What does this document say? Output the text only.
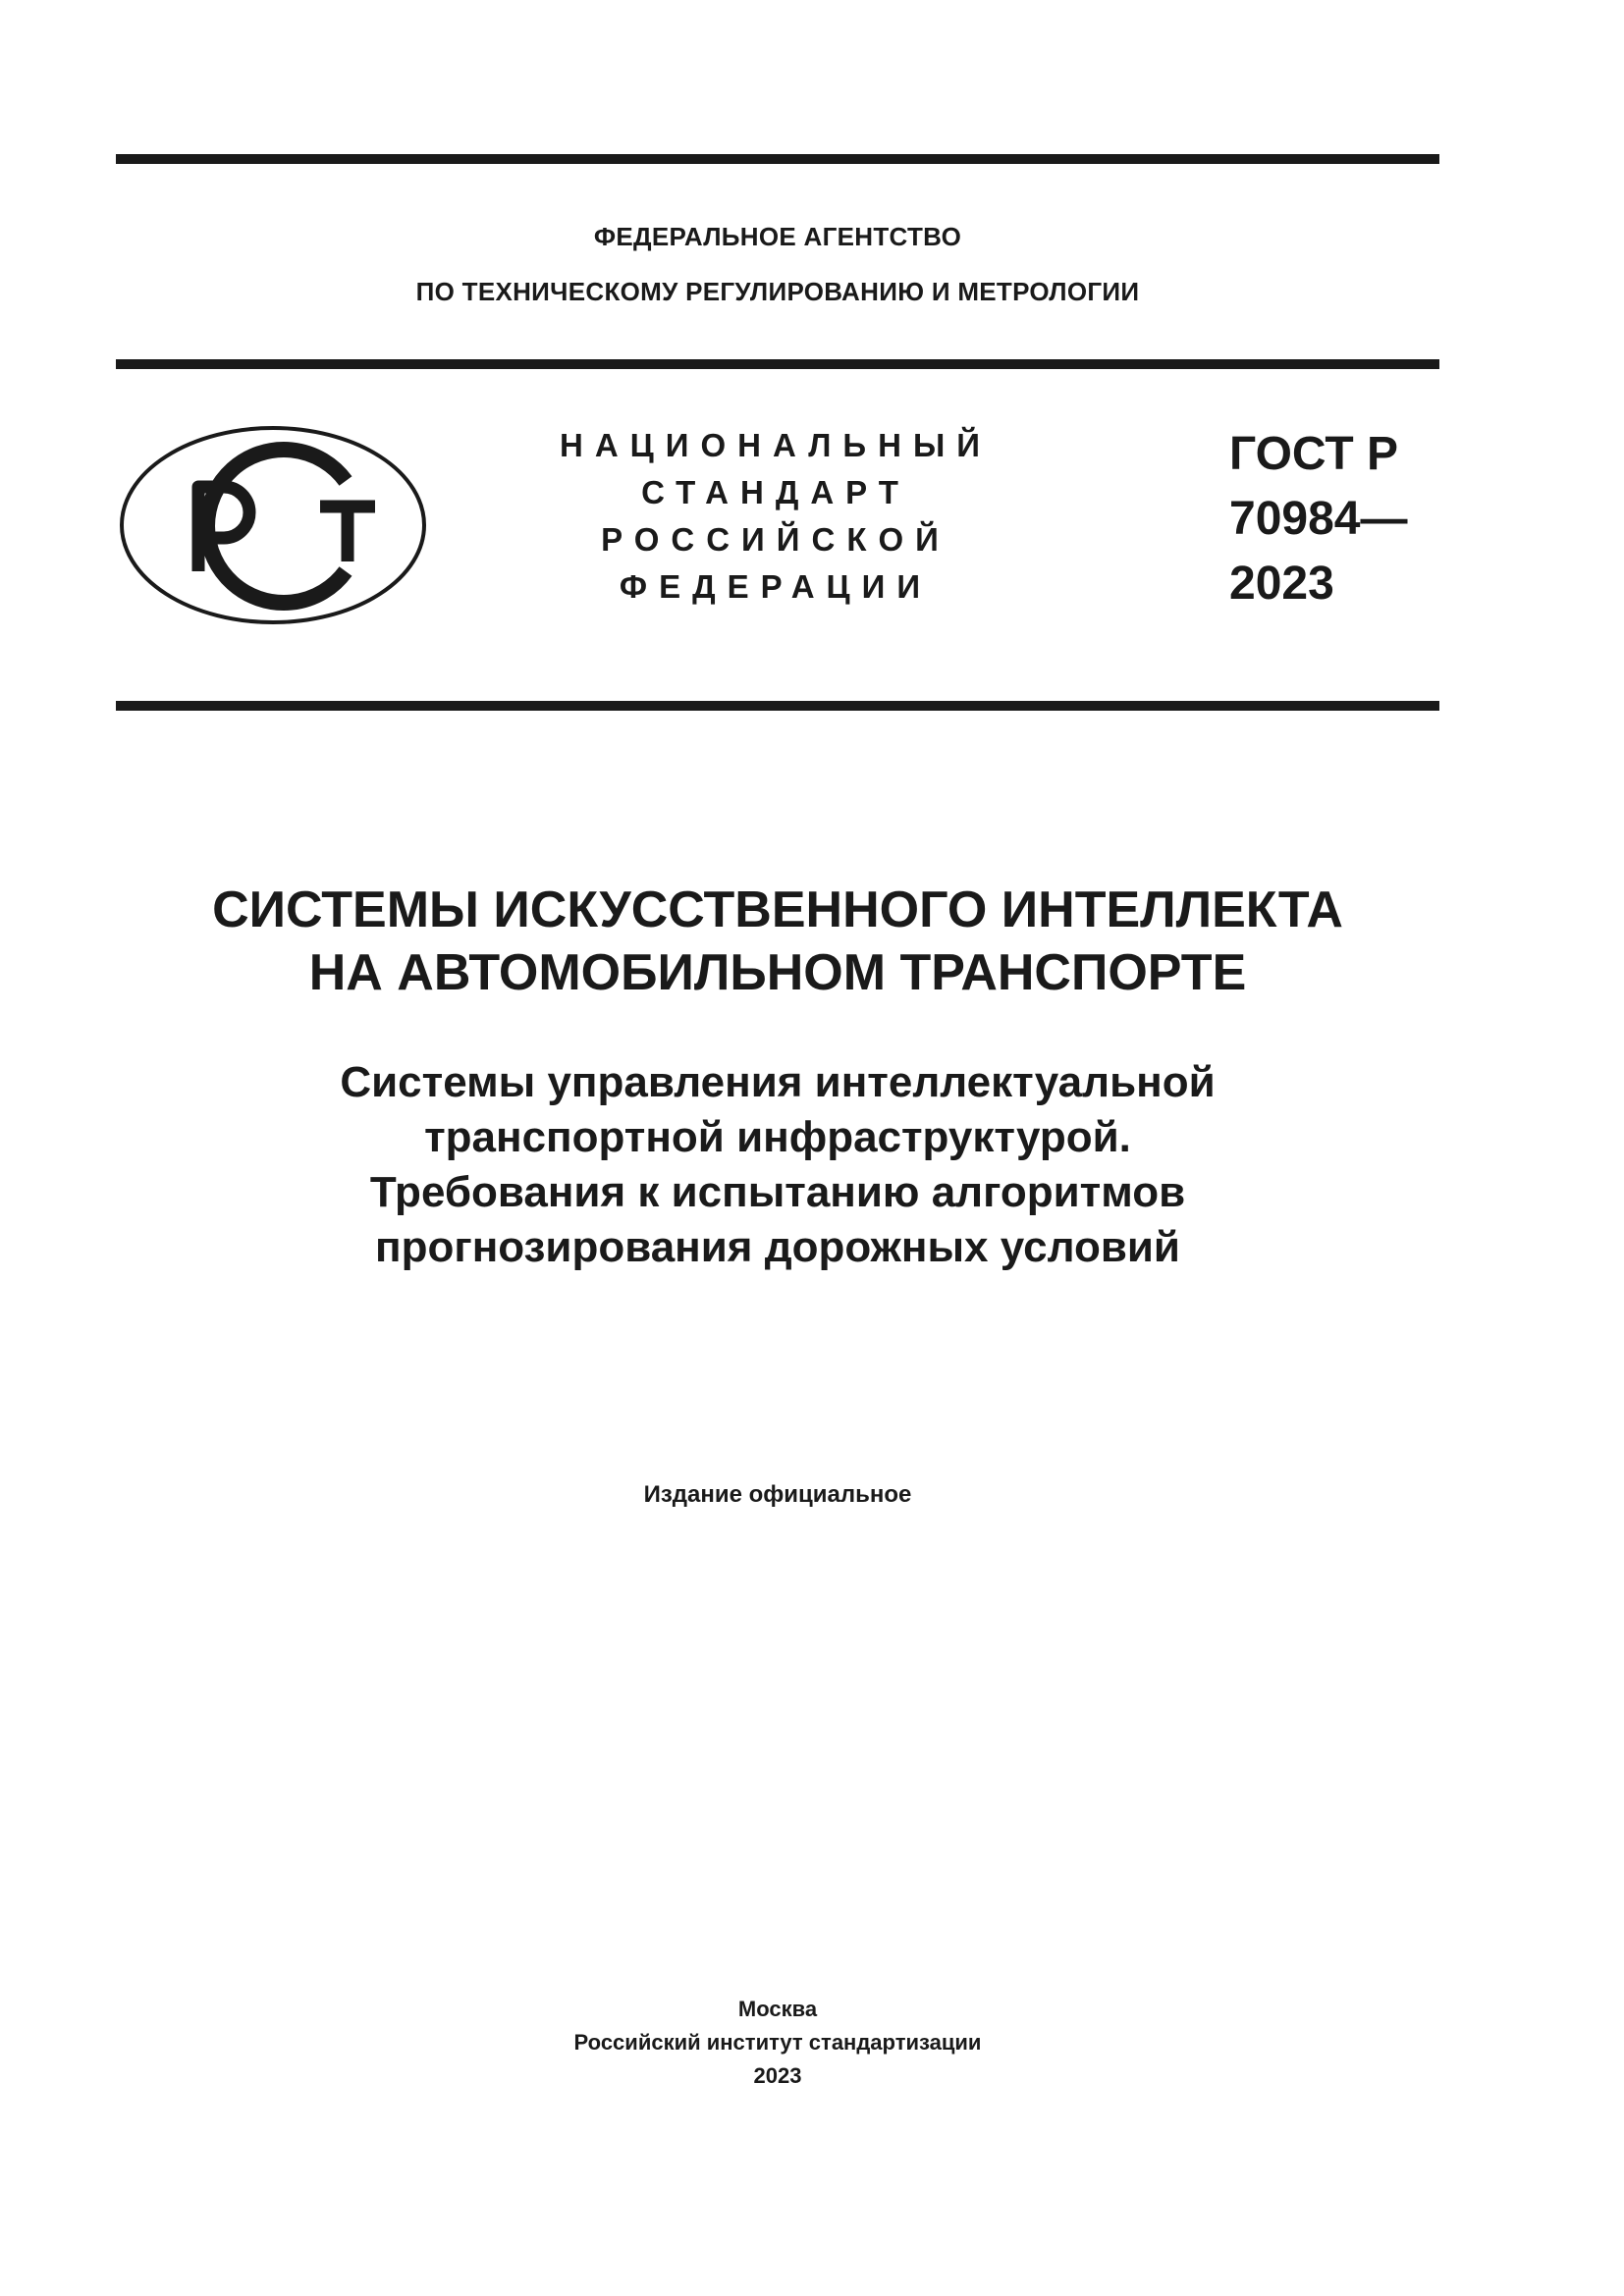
ФЕДЕРАЛЬНОЕ АГЕНТСТВО
ПО ТЕХНИЧЕСКОМУ РЕГУЛИРОВАНИЮ И МЕТРОЛОГИИ
НАЦИОНАЛЬНЫЙ
СТАНДАРТ
РОССИЙСКОЙ
ФЕДЕРАЦИИ
ГОСТ Р
70984—
2023
СИСТЕМЫ ИСКУССТВЕННОГО ИНТЕЛЛЕКТА
НА АВТОМОБИЛЬНОМ ТРАНСПОРТЕ
Системы управления интеллектуальной
транспортной инфраструктурой.
Требования к испытанию алгоритмов
прогнозирования дорожных условий
Издание официальное
Москва
Российский институт стандартизации
2023
